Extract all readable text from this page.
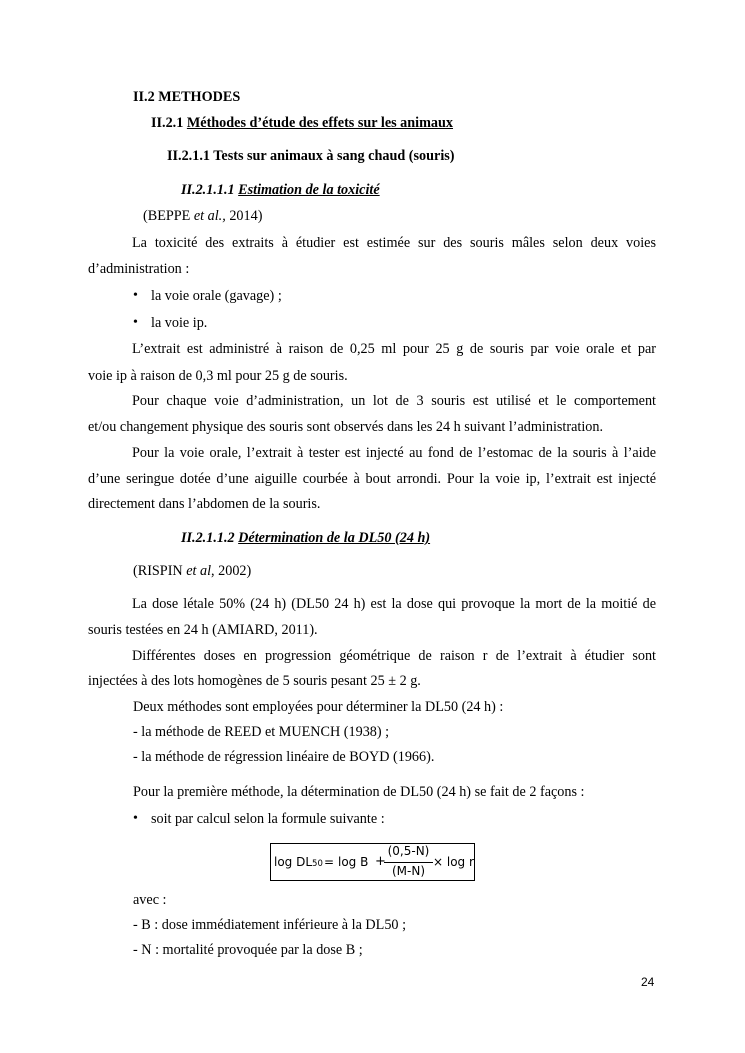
II.2 METHODES
II.2.1 Méthodes d’étude des effets sur les animaux
II.2.1.1 Tests sur animaux à sang chaud (souris)
II.2.1.1.1 Estimation de la toxicité
(BEPPE et al., 2014)
La toxicité des extraits à étudier est estimée sur des souris mâles selon deux voies
d’administration :
• la voie orale (gavage) ;
• la voie ip.
L’extrait est administré à raison de 0,25 ml pour 25 g de souris par voie orale et par
voie ip à raison de 0,3 ml pour 25 g de souris.
Pour chaque voie d’administration, un lot de 3 souris est utilisé et le comportement
et/ou changement physique des souris sont observés dans les 24 h suivant l’administration.
Pour la voie orale, l’extrait à tester est injecté au fond de l’estomac de la souris à l’aide
d’une seringue dotée d’une aiguille courbée à bout arrondi. Pour la voie ip, l’extrait est injecté
directement dans l’abdomen de la souris.
II.2.1.1.2 Détermination de la DL50 (24 h)
(RISPIN et al, 2002)
La dose létale 50% (24 h) (DL50 24 h) est la dose qui provoque la mort de la moitié de
souris testées en 24 h (AMIARD, 2011).
Différentes doses en progression géométrique de raison r de l’extrait à étudier sont
injectées à des lots homogènes de 5 souris pesant 25 ± 2 g.
Deux méthodes sont employées pour déterminer la DL50 (24 h) :
- la méthode de REED et MUENCH (1938) ;
- la méthode de régression linéaire de BOYD (1966).
Pour la première méthode, la détermination de DL50 (24 h) se fait de 2 façons :
• soit par calcul selon la formule suivante :
log DL50 = log B +
(0,5-N)
(M-N)
× log r
avec :
- B : dose immédiatement inférieure à la DL50 ;
- N : mortalité provoquée par la dose B ;
24
